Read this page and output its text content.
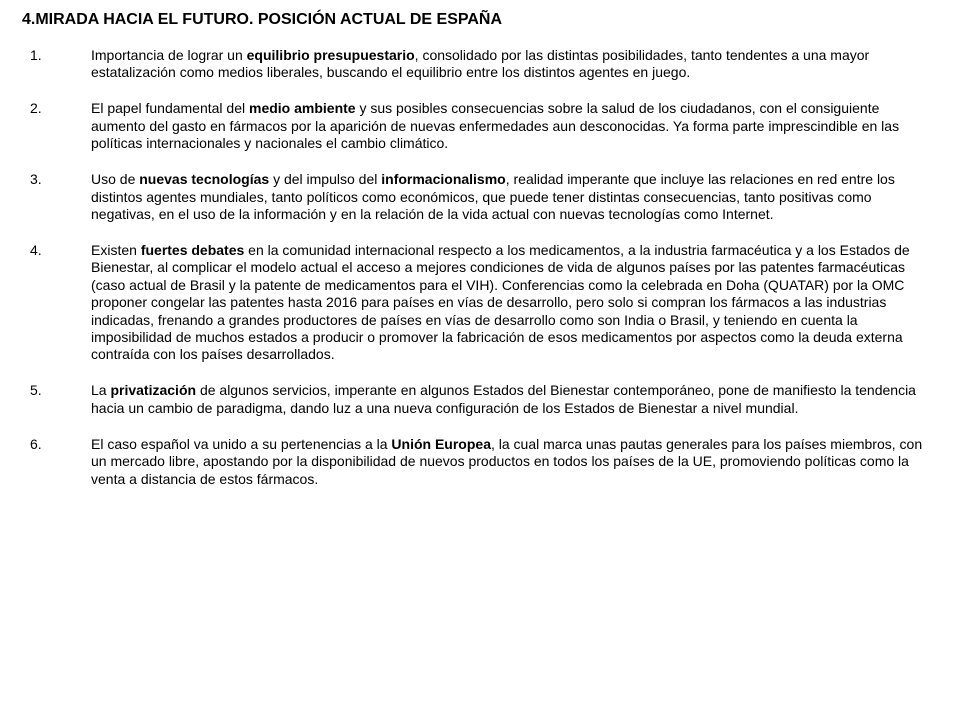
4.MIRADA HACIA EL FUTURO. POSICIÓN ACTUAL DE ESPAÑA
1.	Importancia de lograr un equilibrio presupuestario, consolidado por las distintas posibilidades, tanto tendentes a una mayor estatalización como medios liberales, buscando el equilibrio entre los distintos agentes en juego.
2.	El papel fundamental del medio ambiente y sus posibles consecuencias sobre la salud de los ciudadanos, con el consiguiente aumento del gasto en fármacos por la aparición de nuevas enfermedades aun desconocidas. Ya forma parte imprescindible en las políticas internacionales y nacionales el cambio climático.
3.	Uso de nuevas tecnologías y del impulso del informacionalismo, realidad imperante que incluye las relaciones en red entre los distintos agentes mundiales, tanto políticos como económicos, que puede tener distintas consecuencias, tanto positivas como negativas, en el uso de la información y en la relación de la vida actual con nuevas tecnologías como Internet.
4.	Existen fuertes debates en la comunidad internacional respecto a los medicamentos, a la industria farmacéutica y a los Estados de Bienestar, al complicar el modelo actual el acceso a mejores condiciones de vida de algunos países por las patentes farmacéuticas (caso actual de Brasil y la patente de medicamentos para el VIH). Conferencias como la celebrada en Doha (QUATAR) por la OMC proponer congelar las patentes hasta 2016 para países en vías de desarrollo, pero solo si compran los fármacos a las industrias indicadas, frenando a grandes productores de países en vías de desarrollo como son India o Brasil, y teniendo en cuenta la imposibilidad de muchos estados a producir o promover la fabricación de esos medicamentos por aspectos como la deuda externa contraída con los países desarrollados.
5.	La privatización de algunos servicios, imperante en algunos Estados del Bienestar contemporáneo, pone de manifiesto la tendencia hacia un cambio de paradigma, dando luz a una nueva configuración de los Estados de Bienestar a nivel mundial.
6.	El caso español va unido a su pertenencias a la Unión Europea, la cual marca unas pautas generales para los países miembros, con un mercado libre, apostando por la disponibilidad de nuevos productos en todos los países de la UE, promoviendo políticas como la venta a distancia de estos fármacos.
